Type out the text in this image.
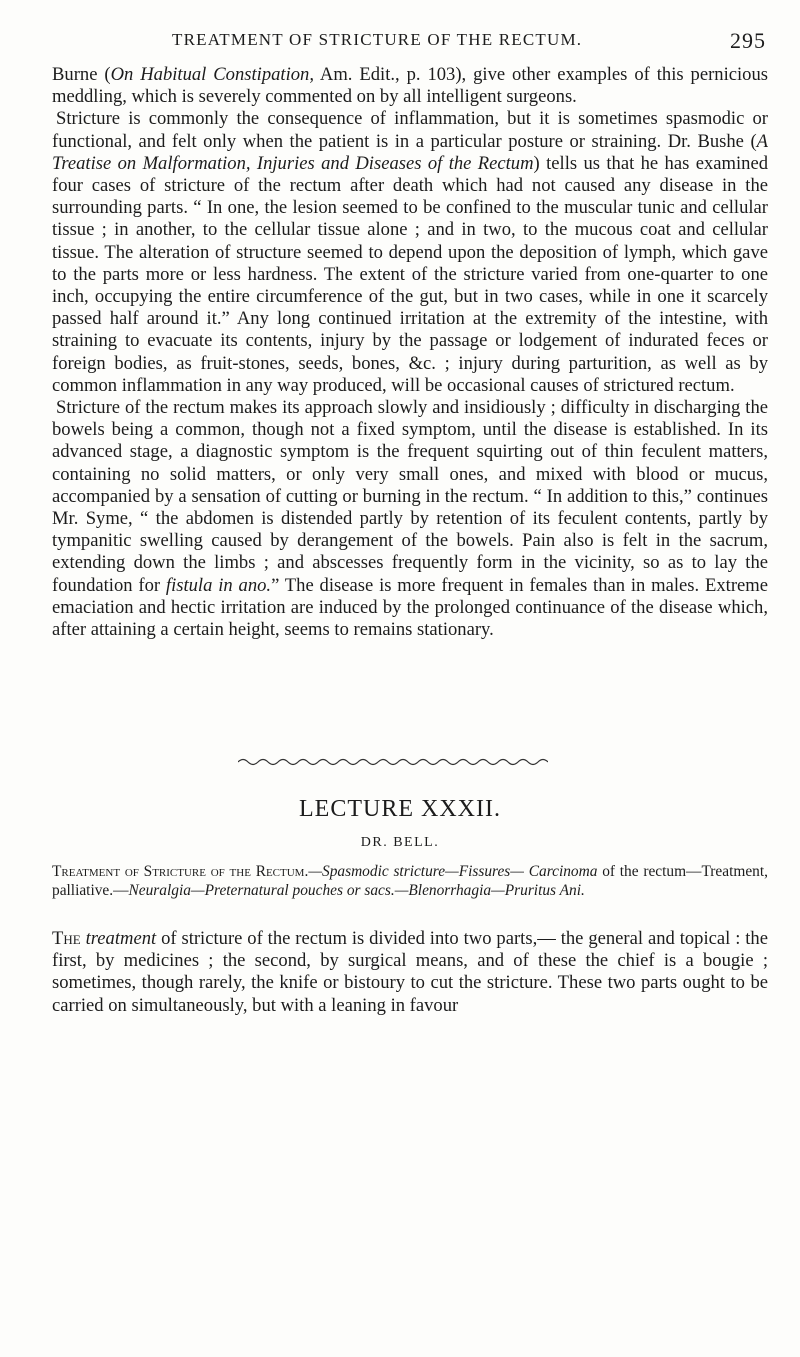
TREATMENT OF STRICTURE OF THE RECTUM.	295

Burne (On Habitual Constipation, Am. Edit., p. 103), give other examples of this pernicious meddling, which is severely commented on by all intelligent surgeons.

Stricture is commonly the consequence of inflammation, but it is sometimes spasmodic or functional, and felt only when the patient is in a particular posture or straining. Dr. Bushe (A Treatise on Malformation, Injuries and Diseases of the Rectum) tells us that he has examined four cases of stricture of the rectum after death which had not caused any disease in the surrounding parts. “ In one, the lesion seemed to be confined to the muscular tunic and cellular tissue ; in another, to the cellular tissue alone ; and in two, to the mucous coat and cellular tissue. The alteration of structure seemed to depend upon the deposition of lymph, which gave to the parts more or less hardness. The extent of the stricture varied from one-quarter to one inch, occupying the entire circumference of the gut, but in two cases, while in one it scarcely passed half around it.” Any long continued irritation at the extremity of the intestine, with straining to evacuate its contents, injury by the passage or lodgement of indurated feces or foreign bodies, as fruit-stones, seeds, bones, &c. ; injury during parturition, as well as by common inflammation in any way produced, will be occasional causes of strictured rectum.

Stricture of the rectum makes its approach slowly and insidiously ; difficulty in discharging the bowels being a common, though not a fixed symptom, until the disease is established. In its advanced stage, a diagnostic symptom is the frequent squirting out of thin feculent matters, containing no solid matters, or only very small ones, and mixed with blood or mucus, accompanied by a sensation of cutting or burning in the rectum. “ In addition to this,” continues Mr. Syme, “ the abdomen is distended partly by retention of its feculent contents, partly by tympanitic swelling caused by derangement of the bowels. Pain also is felt in the sacrum, extending down the limbs ; and abscesses frequently form in the vicinity, so as to lay the foundation for fistula in ano.” The disease is more frequent in females than in males. Extreme emaciation and hectic irritation are induced by the prolonged continuance of the disease which, after attaining a certain height, seems to remains stationary.

LECTURE XXXII.
DR. BELL.
Treatment of Stricture of the Rectum.—Spasmodic stricture—Fissures— Carcinoma of the rectum—Treatment, palliative.—Neuralgia—Preternatural pouches or sacs.—Blenorrhagia—Pruritus Ani.

The treatment of stricture of the rectum is divided into two parts,— the general and topical : the first, by medicines ; the second, by surgical means, and of these the chief is a bougie ; sometimes, though rarely, the knife or bistoury to cut the stricture. These two parts ought to be carried on simultaneously, but with a leaning in favour
